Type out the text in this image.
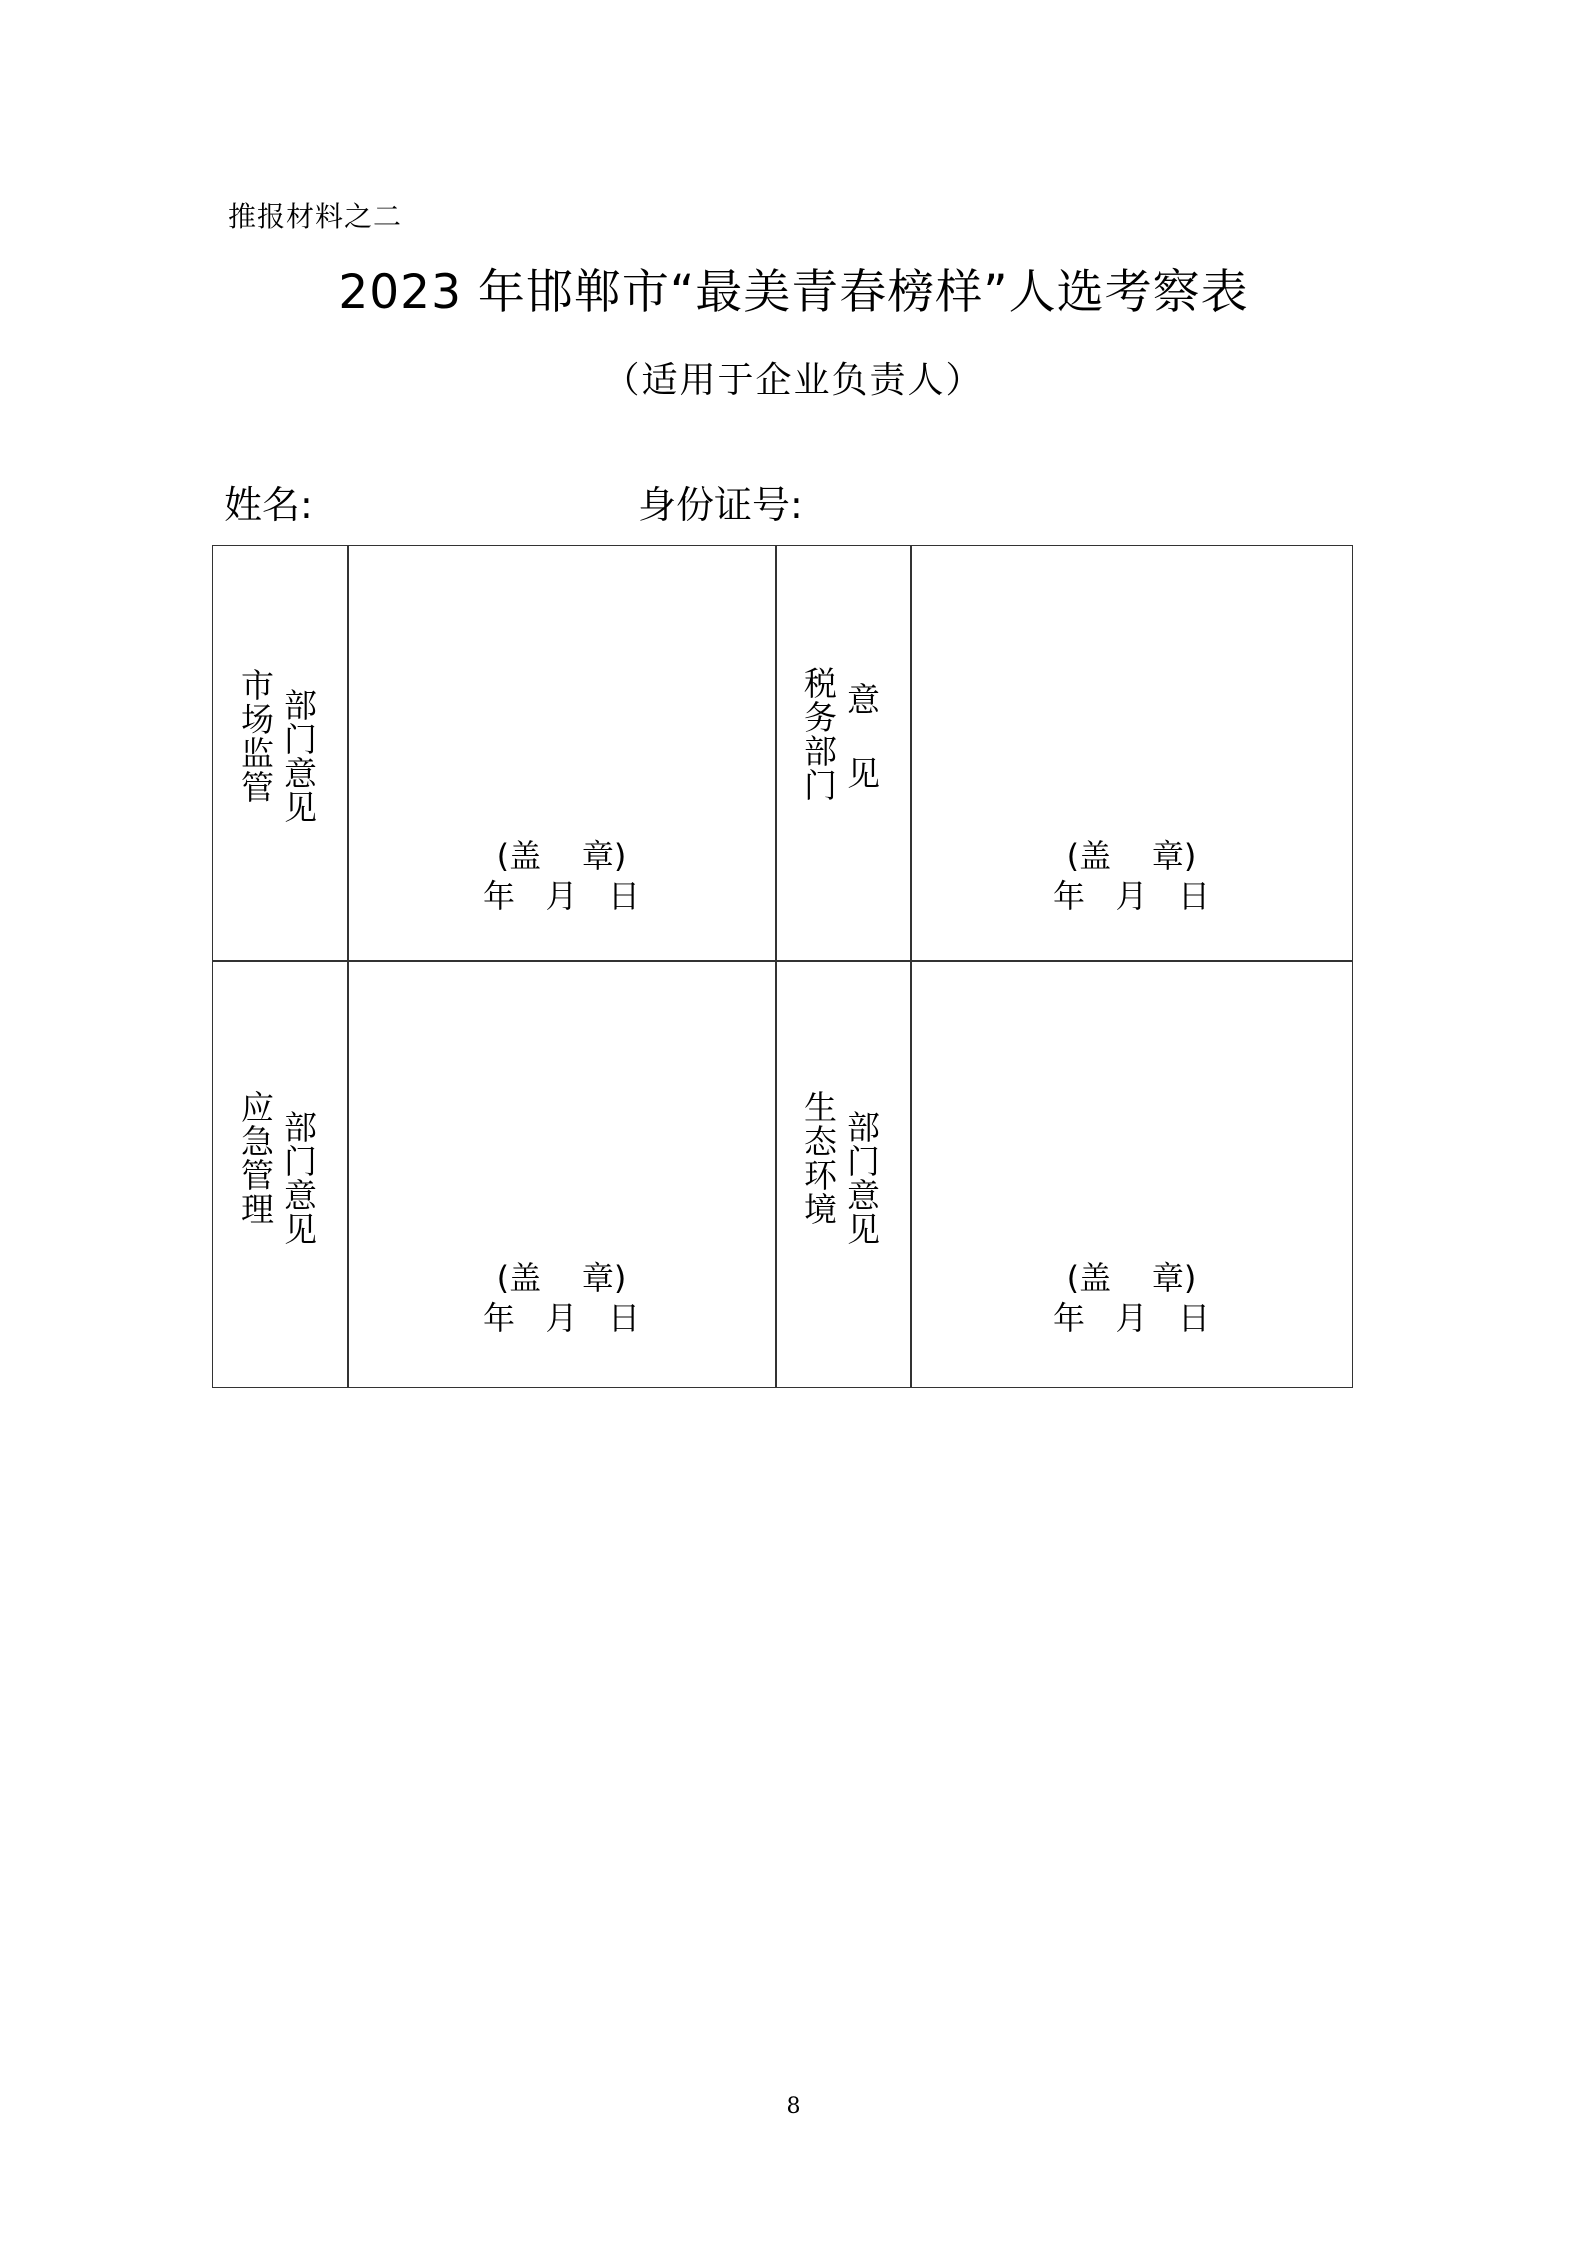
推报材料之二
2023 年邯郸市“最美青春榜样”人选考察表
（适用于企业负责人）
姓名:	身份证号:
市场监管 部门意见
(盖    章)
年   月   日
税务部门 意 见
(盖    章)
年   月   日
应急管理 部门意见
(盖    章)
年   月   日
生态环境 部门意见
(盖    章)
年   月   日
8
